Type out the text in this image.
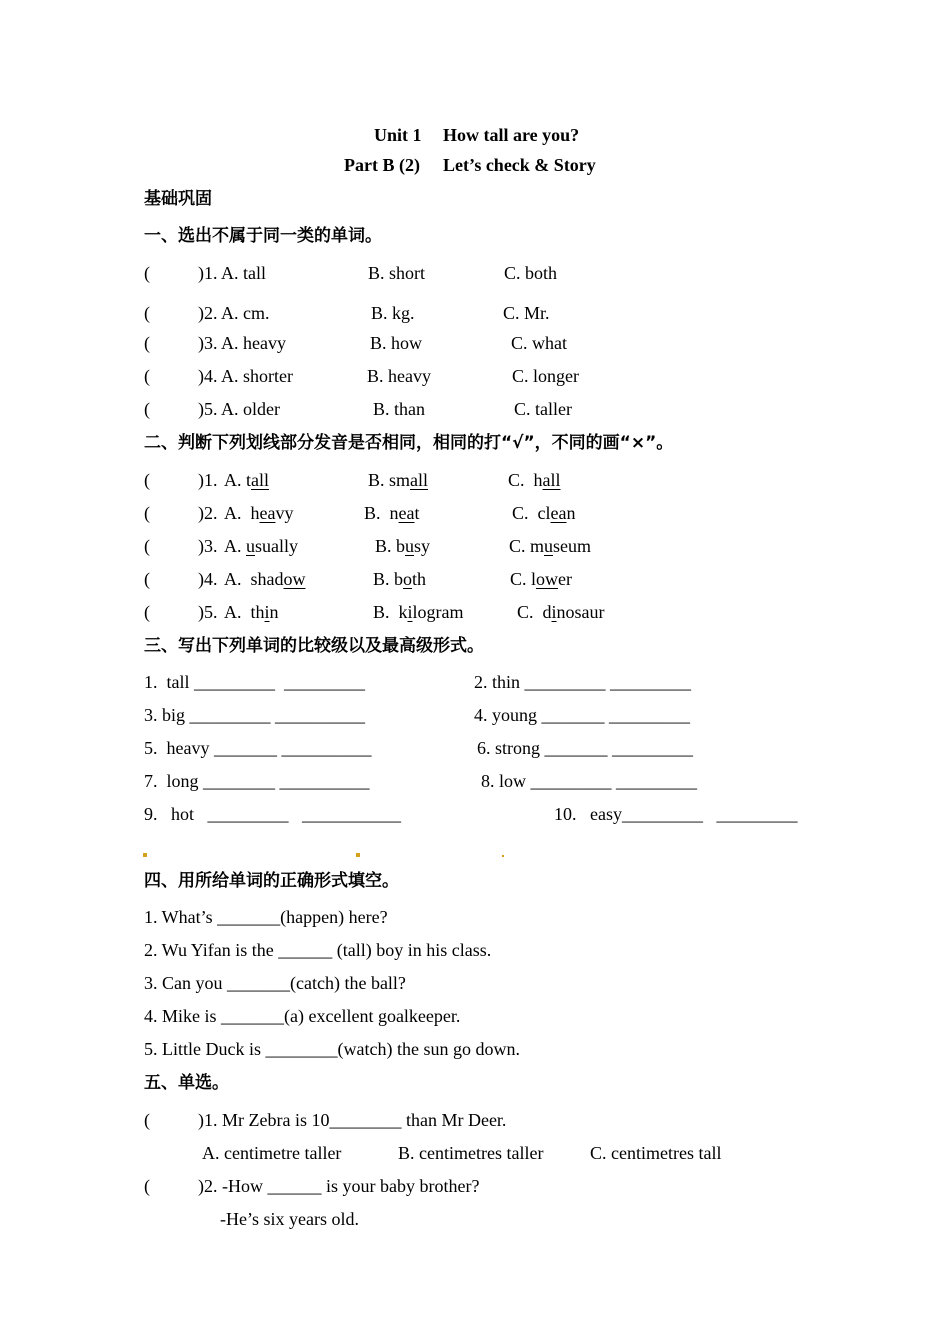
Unit 1 How tall are you?
Part B (2) Let’s check & Story
基础巩固
一、选出不属于同一类的单词。
(	)1. A. tall	B. short	C. both
(	)2. A. cm.	B. kg.	C. Mr.
(	)3. A. heavy	B. how	C. what
(	)4. A. shorter	B. heavy	C. longer
(	)5. A. older	B. than	C. taller
二、判断下列划线部分发音是否相同，相同的打“√”，不同的画“×”。
(	)1. A. tall	B. small	C.  hall
(	)2. A.  heavy	B.  neat	C.  clean
(	)3. A. usually	B. busy	C. museum
(	)4. A.  shadow	B. both	C. lower
(	)5. A.  thin	B.  kilogram	C.  dinosaur
三、写出下列单词的比较级以及最高级形式。
1.  tall _________  _________	2. thin _________ _________
3. big _________ __________	4. young _______ _________
5.  heavy _______ __________	6. strong _______ _________
7.  long ________ __________	8. low _________ _________
9.   hot   _________   ___________	10.   easy_________   _________
四、用所给单词的正确形式填空。
1. What’s _______(happen) here?
2. Wu Yifan is the ______ (tall) boy in his class.
3. Can you _______(catch) the ball?
4. Mike is _______(a) excellent goalkeeper.
5. Little Duck is ________(watch) the sun go down.
五、单选。
(	)1. Mr Zebra is 10________ than Mr Deer.
A. centimetre taller	B. centimetres taller	C. centimetres tall
(	)2. -How ______ is your baby brother?
-He’s six years old.
